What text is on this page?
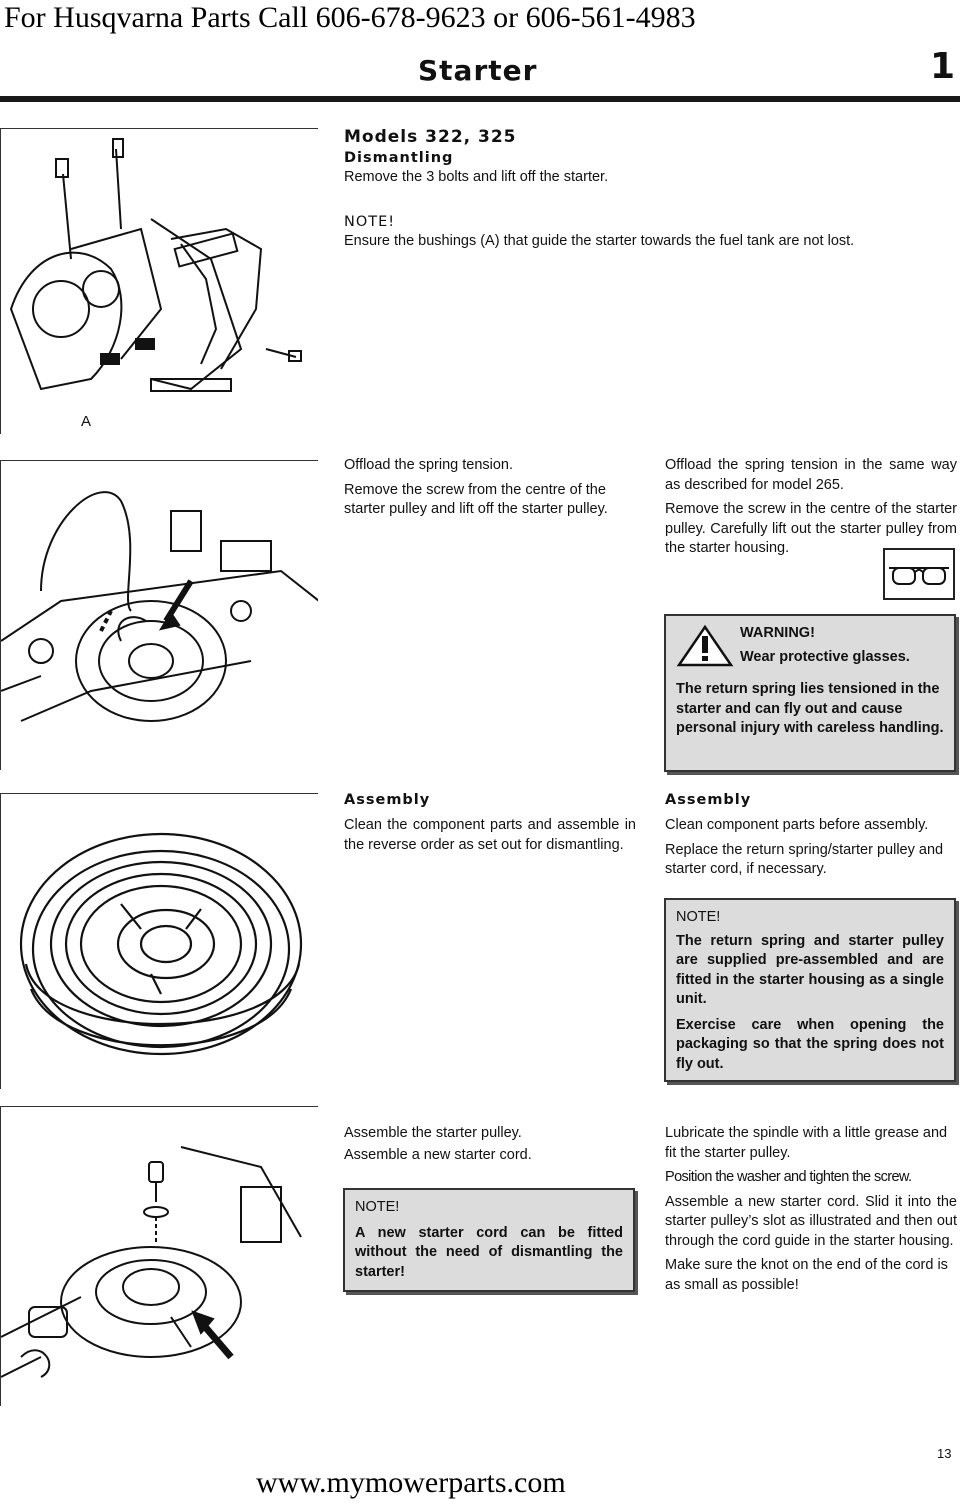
For Husqvarna Parts Call 606-678-9623 or 606-561-4983
Starter	1
A
Models 322, 325
Dismantling

Remove the 3 bolts and lift off the starter.

NOTE!

Ensure the bushings (A) that guide the starter towards the fuel tank are not lost.

Offload the spring tension.

Remove the screw from the centre of the starter pulley and lift off the starter pulley.

Offload the spring tension in the same way as described for model 265.

Remove the screw in the centre of the starter pulley. Carefully lift out the starter pulley from the starter housing.

WARNING!
Wear protective glasses.

The return spring lies tensioned in the starter and can fly out and cause personal injury with careless handling.

Assembly

Clean the component parts and assemble in the reverse order as set out for dismantling.

Assembly

Clean component parts before assembly.

Replace the return spring/starter pulley and starter cord, if necessary.

NOTE!

The return spring and starter pulley are supplied pre-assembled and are fitted in the starter housing as a single unit.

Exercise care when opening the packaging so that the spring does not fly out.

Assemble the starter pulley.

Assemble a new starter cord.

NOTE!

A new starter cord can be fitted without the need of dismantling the starter!

Lubricate the spindle with a little grease and fit the starter pulley.

Position the washer and tighten the screw.

Assemble a new starter cord. Slid it into the starter pulley’s slot as illustrated and then out through the cord guide in the starter housing.

Make sure the knot on the end of the cord is as small as possible!

13
www.mymowerparts.com
